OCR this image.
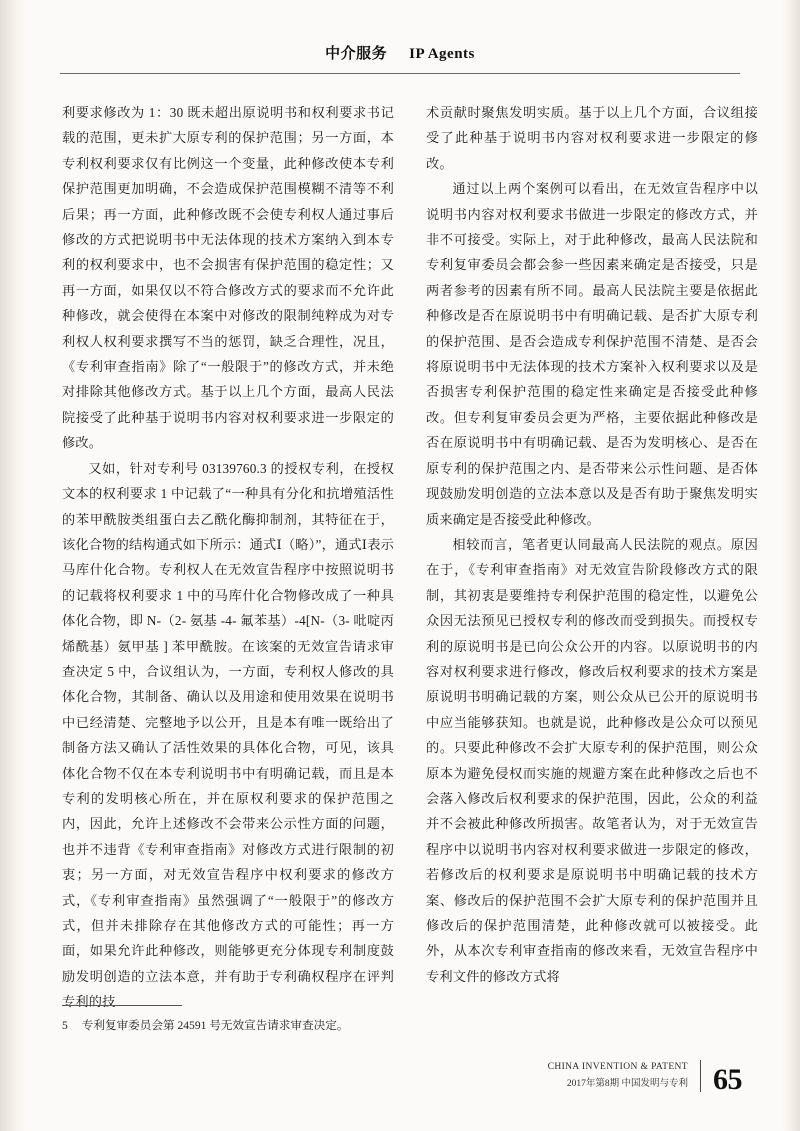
中介服务 IP Agents

利要求修改为 1：30 既未超出原说明书和权利要求书记载的范围，更未扩大原专利的保护范围；另一方面，本专利权利要求仅有比例这一个变量，此种修改使本专利保护范围更加明确，不会造成保护范围模糊不清等不利后果；再一方面，此种修改既不会使专利权人通过事后修改的方式把说明书中无法体现的技术方案纳入到本专利的权利要求中，也不会损害有保护范围的稳定性；又再一方面，如果仅以不符合修改方式的要求而不允许此种修改，就会使得在本案中对修改的限制纯粹成为对专利权人权利要求撰写不当的惩罚，缺乏合理性，况且，《专利审查指南》除了“一般限于”的修改方式，并未绝对排除其他修改方式。基于以上几个方面，最高人民法院接受了此种基于说明书内容对权利要求进一步限定的修改。

又如，针对专利号 03139760.3 的授权专利，在授权文本的权利要求 1 中记载了“一种具有分化和抗增殖活性的苯甲酰胺类组蛋白去乙酰化酶抑制剂，其特征在于，该化合物的结构通式如下所示：通式Ⅰ（略）”，通式Ⅰ表示马库什化合物。专利权人在无效宣告程序中按照说明书的记载将权利要求 1 中的马库什化合物修改成了一种具体化合物，即 N-（2- 氨基 -4- 氟苯基）-4[N-（3- 吡啶丙烯酰基）氨甲基 ] 苯甲酰胺。在该案的无效宣告请求审查决定 5 中，合议组认为，一方面，专利权人修改的具体化合物，其制备、确认以及用途和使用效果在说明书中已经清楚、完整地予以公开，且是本有唯一既给出了制备方法又确认了活性效果的具体化合物，可见，该具体化合物不仅在本专利说明书中有明确记载，而且是本专利的发明核心所在，并在原权利要求的保护范围之内，因此，允许上述修改不会带来公示性方面的问题，也并不违背《专利审查指南》对修改方式进行限制的初衷；另一方面，对无效宣告程序中权利要求的修改方式，《专利审查指南》虽然强调了“一般限于”的修改方式，但并未排除存在其他修改方式的可能性；再一方面，如果允许此种修改，则能够更充分体现专利制度鼓励发明创造的立法本意，并有助于专利确权程序在评判专利的技

术贡献时聚焦发明实质。基于以上几个方面，合议组接受了此种基于说明书内容对权利要求进一步限定的修改。

通过以上两个案例可以看出，在无效宣告程序中以说明书内容对权利要求书做进一步限定的修改方式，并非不可接受。实际上，对于此种修改，最高人民法院和专利复审委员会都会参一些因素来确定是否接受，只是两者参考的因素有所不同。最高人民法院主要是依据此种修改是否在原说明书中有明确记载、是否扩大原专利的保护范围、是否会造成专利保护范围不清楚、是否会将原说明书中无法体现的技术方案补入权利要求以及是否损害专利保护范围的稳定性来确定是否接受此种修改。但专利复审委员会更为严格，主要依据此种修改是否在原说明书中有明确记载、是否为发明核心、是否在原专利的保护范围之内、是否带来公示性问题、是否体现鼓励发明创造的立法本意以及是否有助于聚焦发明实质来确定是否接受此种修改。

相较而言，笔者更认同最高人民法院的观点。原因在于，《专利审查指南》对无效宣告阶段修改方式的限制，其初衷是要维持专利保护范围的稳定性，以避免公众因无法预见已授权专利的修改而受到损失。而授权专利的原说明书是已向公众公开的内容。以原说明书的内容对权利要求进行修改，修改后权利要求的技术方案是原说明书明确记载的方案，则公众从已公开的原说明书中应当能够获知。也就是说，此种修改是公众可以预见的。只要此种修改不会扩大原专利的保护范围，则公众原本为避免侵权而实施的规避方案在此种修改之后也不会落入修改后权利要求的保护范围，因此，公众的利益并不会被此种修改所损害。故笔者认为，对于无效宣告程序中以说明书内容对权利要求做进一步限定的修改，若修改后的权利要求是原说明书中明确记载的技术方案、修改后的保护范围不会扩大原专利的保护范围并且修改后的保护范围清楚，此种修改就可以被接受。此外，从本次专利审查指南的修改来看，无效宣告程序中专利文件的修改方式将

5 专利复审委员会第 24591 号无效宣告请求审查决定。
CHINA INVENTION & PATENT
2017年第8期 中国发明与专利 65
